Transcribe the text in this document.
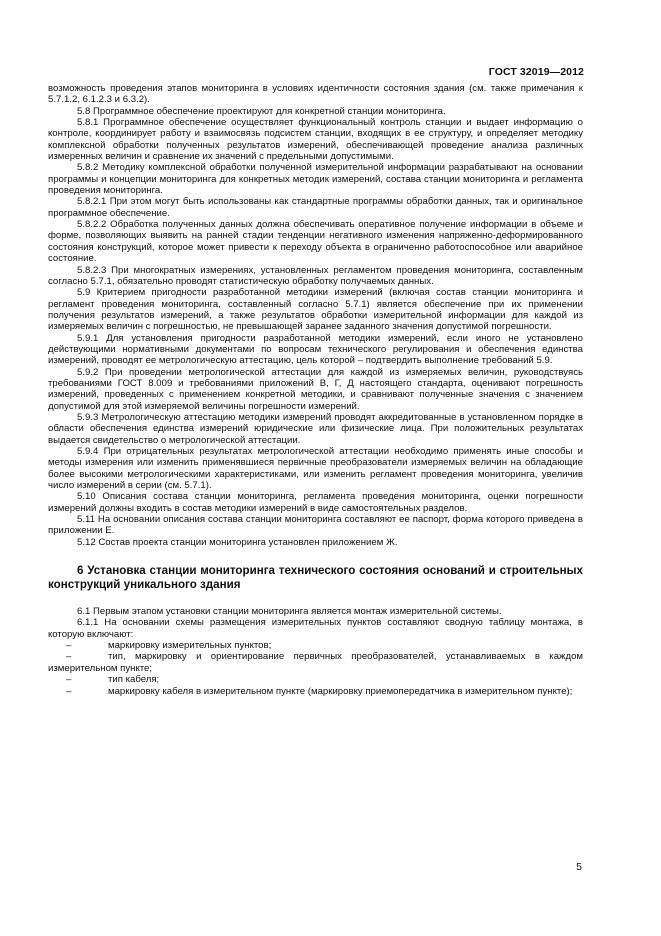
ГОСТ 32019—2012

возможность проведения этапов мониторинга в условиях идентичности состояния здания (см. также примечания к 5.7.1.2, 6.1.2.3 и 6.3.2).

5.8 Программное обеспечение проектируют для конкретной станции мониторинга.

5.8.1 Программное обеспечение осуществляет функциональный контроль станции и выдает информацию о контроле, координирует работу и взаимосвязь подсистем станции, входящих в ее структуру, и определяет методику комплексной обработки полученных результатов измерений, обеспечивающей проведение анализа различных измеренных величин и сравнение их значений с предельными допустимыми.

5.8.2 Методику комплексной обработки полученной измерительной информации разрабатывают на основании программы и концепции мониторинга для конкретных методик измерений, состава станции мониторинга и регламента проведения мониторинга.

5.8.2.1 При этом могут быть использованы как стандартные программы обработки данных, так и оригинальное программное обеспечение.

5.8.2.2 Обработка полученных данных должна обеспечивать оперативное получение информации в объеме и форме, позволяющих выявить на ранней стадии тенденции негативного изменения напряженно-деформированного состояния конструкций, которое может привести к переходу объекта в ограниченно работоспособное или аварийное состояние.

5.8.2.3 При многократных измерениях, установленных регламентом проведения мониторинга, составленным согласно 5.7.1, обязательно проводят статистическую обработку получаемых данных.

5.9 Критерием пригодности разработанной методики измерений (включая состав станции мониторинга и регламент проведения мониторинга, составленный согласно 5.7.1) является обеспечение при их применении получения результатов измерений, а также результатов обработки измерительной информации для каждой из измеряемых величин с погрешностью, не превышающей заранее заданного значения допустимой погрешности.

5.9.1 Для установления пригодности разработанной методики измерений, если иного не установлено действующими нормативными документами по вопросам технического регулирования и обеспечения единства измерений, проводят ее метрологическую аттестацию, цель которой – подтвердить выполнение требований 5.9.

5.9.2 При проведении метрологической аттестации для каждой из измеряемых величин, руководствуясь требованиями ГОСТ 8.009 и требованиями приложений В, Г, Д настоящего стандарта, оценивают погрешность измерений, проведенных с применением конкретной методики, и сравнивают полученные значения с значением допустимой для этой измеряемой величины погрешности измерений.

5.9.3 Метрологическую аттестацию методики измерений проводят аккредитованные в установленном порядке в области обеспечения единства измерений юридические или физические лица. При положительных результатах выдается свидетельство о метрологической аттестации.

5.9.4 При отрицательных результатах метрологической аттестации необходимо применять иные способы и методы измерения или изменить применявшиеся первичные преобразователи измеряемых величин на обладающие более высокими метрологическими характеристиками, или изменить регламент проведения мониторинга, увеличив число измерений в серии (см. 5.7.1).

5.10 Описания состава станции мониторинга, регламента проведения мониторинга, оценки погрешности измерений должны входить в состав методики измерений в виде самостоятельных разделов.

5.11 На основании описания состава станции мониторинга составляют ее паспорт, форма которого приведена в приложении Е.

5.12 Состав проекта станции мониторинга установлен приложением Ж.

6 Установка станции мониторинга технического состояния оснований и строительных конструкций уникального здания

6.1 Первым этапом установки станции мониторинга является монтаж измерительной системы.

6.1.1 На основании схемы размещения измерительных пунктов составляют сводную таблицу монтажа, в которую включают:

–	маркировку измерительных пунктов;
–	тип, маркировку и ориентирование первичных преобразователей, устанавливаемых в каждом измерительном пункте;
–	тип кабеля;
–	маркировку кабеля в измерительном пункте (маркировку приемопередатчика в измерительном пункте);
5
